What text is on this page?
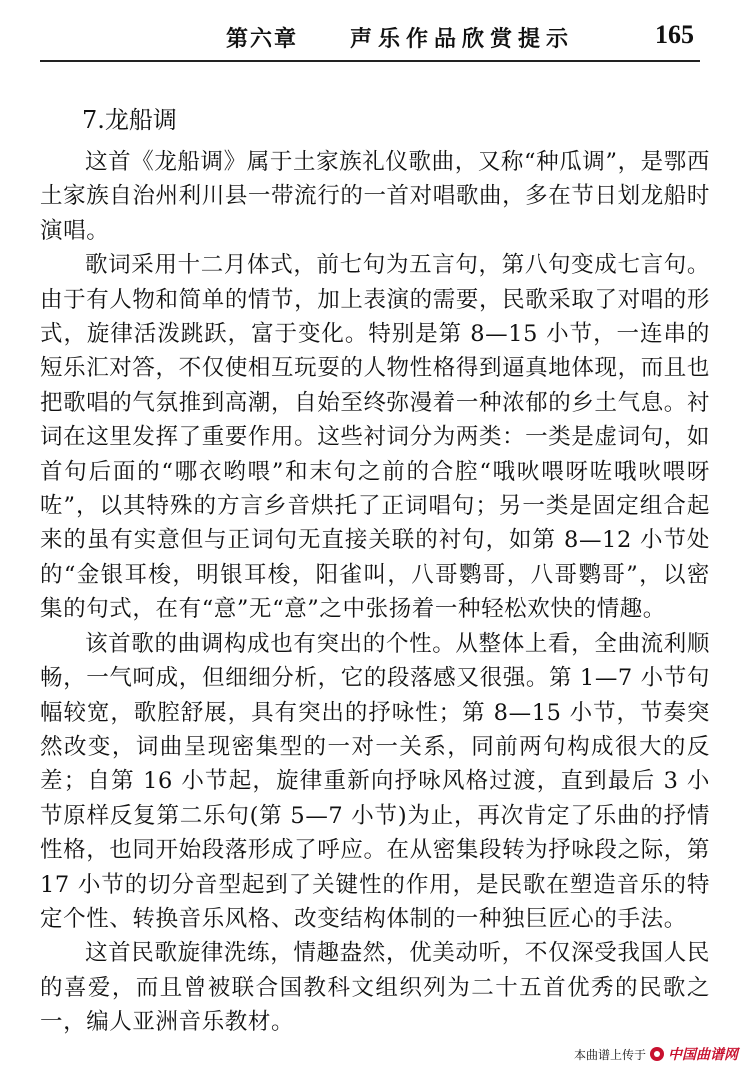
第六章 声乐作品欣赏提示	165
7.龙船调

这首《龙船调》属于土家族礼仪歌曲，又称“种瓜调”，是鄂西土家族自治州利川县一带流行的一首对唱歌曲，多在节日划龙船时演唱。

歌词采用十二月体式，前七句为五言句，第八句变成七言句。由于有人物和简单的情节，加上表演的需要，民歌采取了对唱的形式，旋律活泼跳跃，富于变化。特别是第 8—15 小节，一连串的短乐汇对答，不仅使相互玩耍的人物性格得到逼真地体现，而且也把歌唱的气氛推到高潮，自始至终弥漫着一种浓郁的乡土气息。衬词在这里发挥了重要作用。这些衬词分为两类：一类是虚词句，如首句后面的“哪衣哟喂”和末句之前的合腔“哦吙喂呀咗哦吙喂呀咗”，以其特殊的方言乡音烘托了正词唱句；另一类是固定组合起来的虽有实意但与正词句无直接关联的衬句，如第 8—12 小节处的“金银耳梭，明银耳梭，阳雀叫，八哥鹦哥，八哥鹦哥”，以密集的句式，在有“意”无“意”之中张扬着一种轻松欢快的情趣。

该首歌的曲调构成也有突出的个性。从整体上看，全曲流利顺畅，一气呵成，但细细分析，它的段落感又很强。第 1—7 小节句幅较宽，歌腔舒展，具有突出的抒咏性；第 8—15 小节，节奏突然改变，词曲呈现密集型的一对一关系，同前两句构成很大的反差；自第 16 小节起，旋律重新向抒咏风格过渡，直到最后 3 小节原样反复第二乐句(第 5—7 小节)为止，再次肯定了乐曲的抒情性格，也同开始段落形成了呼应。在从密集段转为抒咏段之际，第 17 小节的切分音型起到了关键性的作用，是民歌在塑造音乐的特定个性、转换音乐风格、改变结构体制的一种独巨匠心的手法。

这首民歌旋律洗练，情趣盎然，优美动听，不仅深受我国人民的喜爱，而且曾被联合国教科文组织列为二十五首优秀的民歌之一，编人亚洲音乐教材。

本曲谱上传于 中国曲谱网
